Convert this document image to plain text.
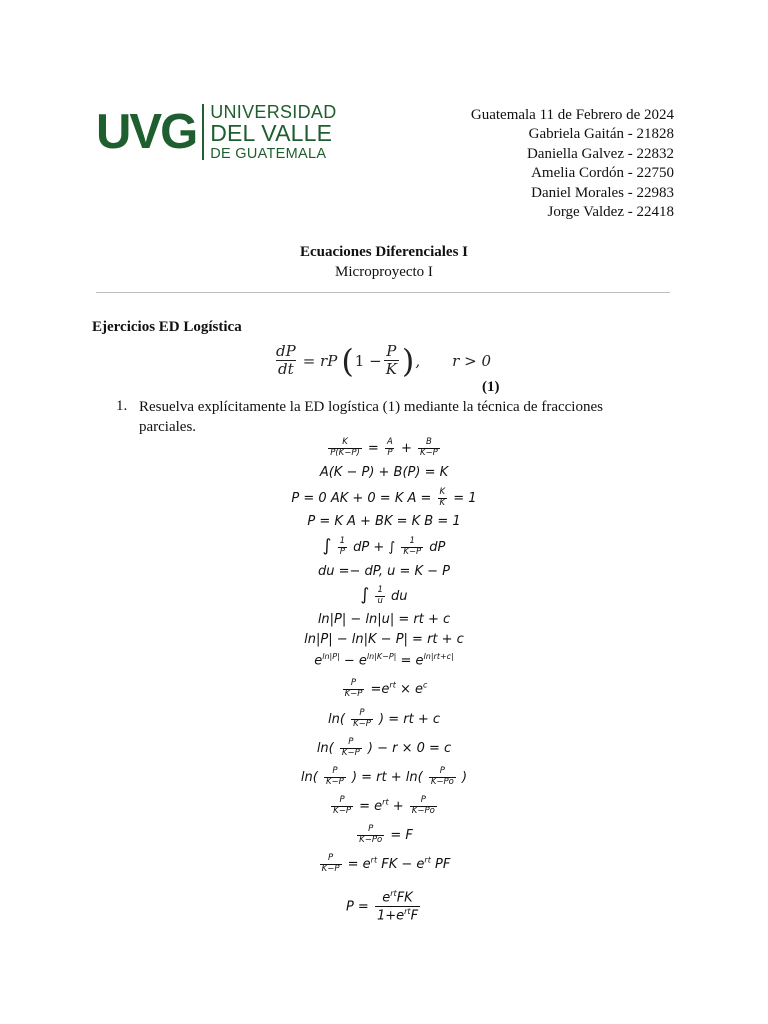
UVG UNIVERSIDAD
DEL VALLE
DE GUATEMALA
Guatemala 11 de Febrero de 2024
Gabriela Gaitán - 21828
Daniella Galvez - 22832
Amelia Cordón - 22750
Daniel Morales - 22983
Jorge Valdez - 22418
Ecuaciones Diferenciales I
Microproyecto I
Ejercicios ED Logística
$\frac{dP}{dt}$ = rP ( $1 - \frac{P}{K}$ ) , r > 0
(1)
1. Resuelva explícitamente la ED logística (1) mediante la técnica de fracciones parciales.
$\frac{K}{P(K-P)} = \frac{A}{P} + \frac{B}{K-P}$
A(K − P) + B(P) = K
P = 0 AK + 0 = K $A = \frac{K}{K} = 1$
P = K A + BK = K B = 1
∫ $\frac{1}{P}$ dP + ∫ $\frac{1}{K-P}$ dP
du =− dP, u = K − P
∫ $\frac{1}{u}$ du
ln|P| − ln|u| = rt + c
ln|P| − ln|K − P| = rt + c
$e^{ln|P|} - e^{ln|K-P|} = e^{ln|rt+c|}$
$\frac{P}{K-P} =e^{rt} \times e^c$
$\ln( \frac{P}{K-P}$ ) = rt + c
$\ln( \frac{P}{K-P}$ ) − r × 0 = c
$\ln( \frac{P}{K-P}$ ) = rt + $\ln( \frac{P}{K-Po}$ )
$\frac{P}{K-P} = e^{rt} + \frac{P}{K-Po}$
$\frac{P}{K-Po} = F$
$\frac{P}{K-P} = e^{rt}$ FK − $e^{rt}$ PF
P =
$e^{rt}FK$
$1+e^{rt}F$
